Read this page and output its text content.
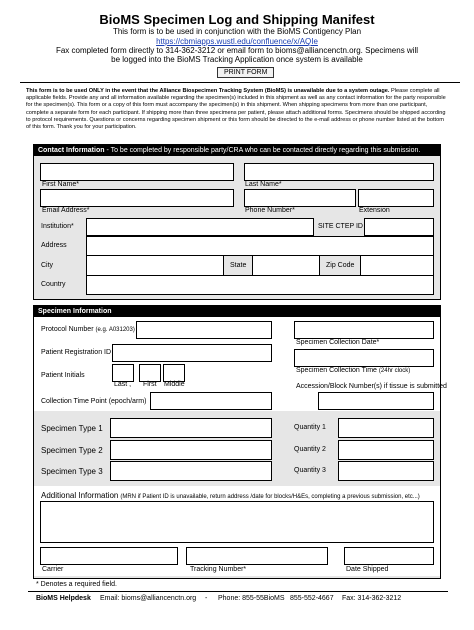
BioMS Specimen Log and Shipping Manifest
This form is to be used in conjunction with the BioMS Contigency Plan
https://cbmiapps.wustl.edu/confluence/x/AQIe
Fax completed form directly to 314-362-3212 or email form to bioms@alliancenctn.org. Specimens will
be logged into the BioMS Tracking Application once system is available
PRINT FORM
This form is to be used ONLY in the event that the Alliance Biospecimen Tracking System (BioMS) is unavailable due to a system outage. Please complete all applicable fields. Provide any and all information available regarding the specimen(s) included in this shipment as well as any contact information for the party responsible for the specimen(s). This form or a copy of this form must accompany the specimen(s) in this shipment. When shipping specimens from more than one participant, complete a separate form for each participant. If shipping more than three specimens per patient, please attach additional forms. Specimens should be shipped according to protocol requirements. Questions or concerns regarding specimen shipment or this form should be directed to the e-mail address or phone number listed at the bottom of this form. Thank you for your participation.
Contact Information - To be completed by responsible party/CRA who can be contacted directly regarding this submission.
First Name*	Last Name*
Email Address*	Phone Number*	Extension
Institution*	SITE CTEP ID
Address
City	State	Zip Code
Country
Specimen Information
Protocol Number (e.g. A031203)
Specimen Collection Date*
Patient Registration ID
Specimen Collection Time (24hr clock)
Patient Initials
Last , First Middle	Accession/Block Number(s) if tissue is submitted
Collection Time Point (epoch/arm)
Specimen Type 1	Quantity 1
Specimen Type 2	Quantity 2
Specimen Type 3	Quantity 3
Additional Information (MRN if Patient ID is unavailable, return address /date for blocks/H&Es, completing a previous submission, etc...)
Carrier	Tracking Number*	Date Shipped
* Denotes a required field.
BioMS Helpdesk Email: bioms@alliancenctn.org - Phone: 855-55BioMS 855-552-4667 Fax: 314-362-3212
